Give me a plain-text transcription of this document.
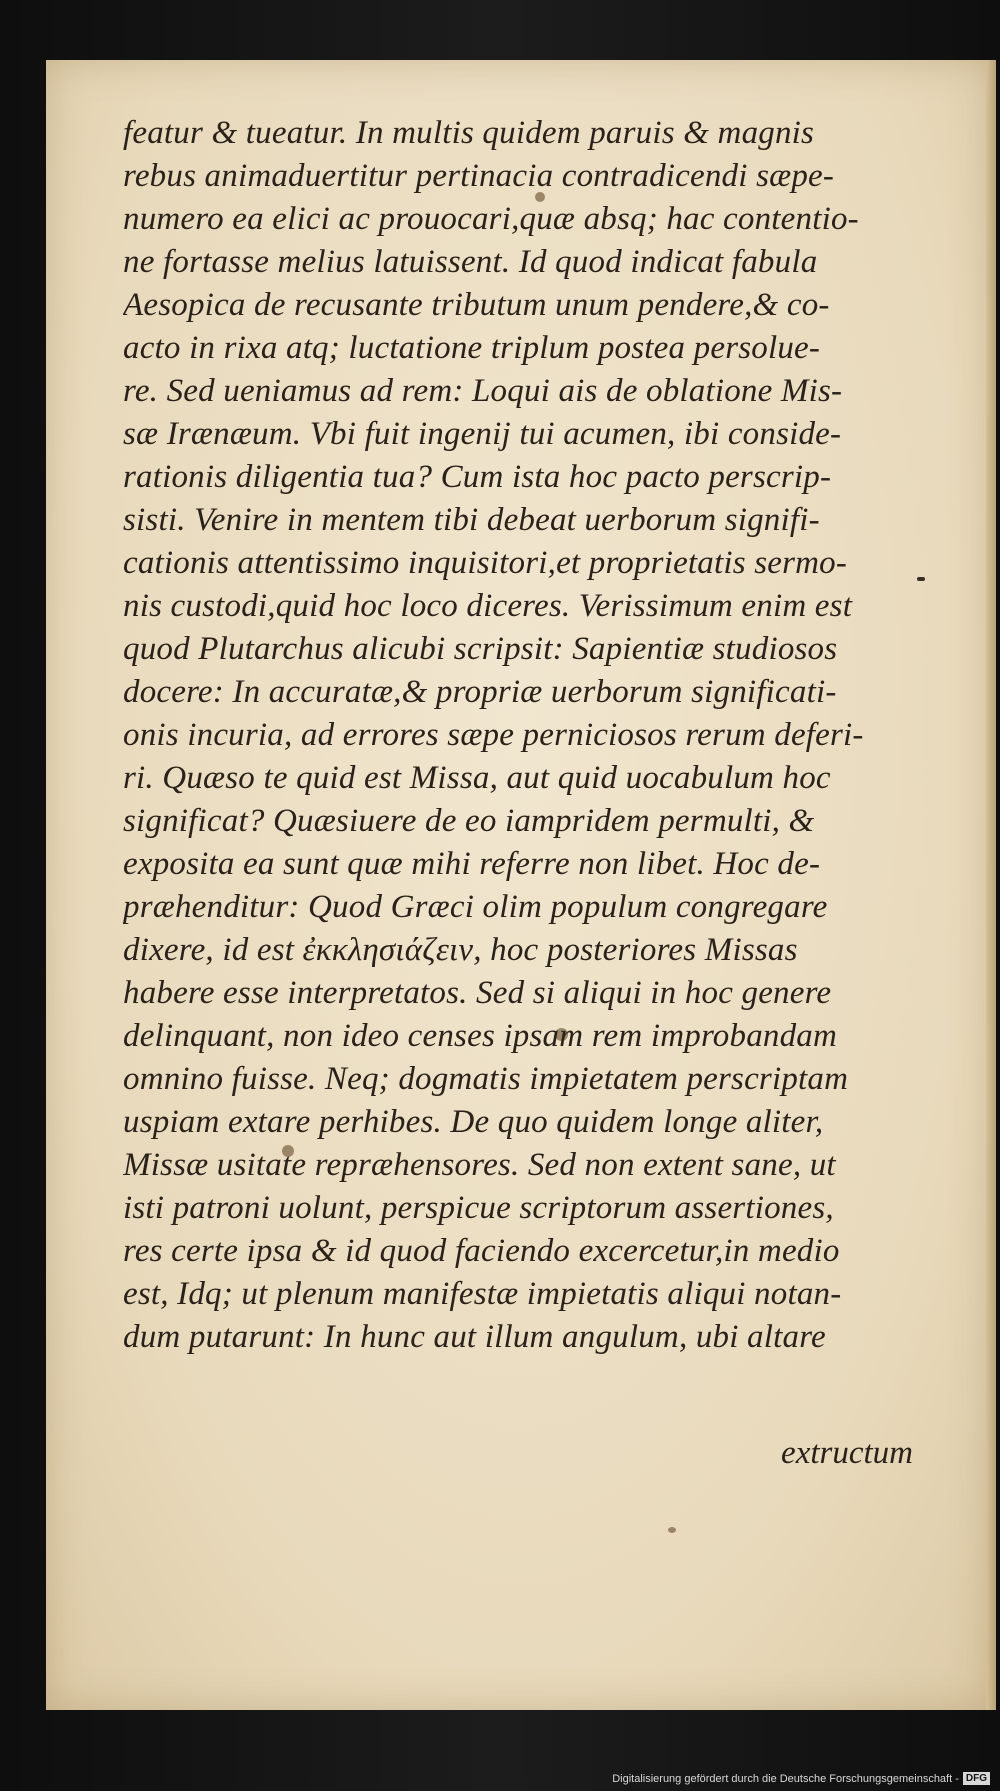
featur & tueatur. In multis quidem paruis & magnis
rebus animaduertitur pertinacia contradicendi sæpe-
numero ea elici ac prouocari,quæ absq; hac contentio-
ne fortasse melius latuissent. Id quod indicat fabula
Aesopica de recusante tributum unum pendere,& co-
acto in rixa atq; luctatione triplum postea persolue-
re. Sed ueniamus ad rem: Loqui ais de oblatione Mis-
sæ Irænæum. Vbi fuit ingenij tui acumen, ibi conside-
rationis diligentia tua? Cum ista hoc pacto perscrip-
sisti. Venire in mentem tibi debeat uerborum signifi-
cationis attentissimo inquisitori,et proprietatis sermo-
nis custodi,quid hoc loco diceres. Verissimum enim est
quod Plutarchus alicubi scripsit: Sapientiæ studiosos
docere: In accuratæ,& propriæ uerborum significati-
onis incuria, ad errores sæpe perniciosos rerum deferi-
ri. Quæso te quid est Missa, aut quid uocabulum hoc
significat? Quæsiuere de eo iampridem permulti, &
exposita ea sunt quæ mihi referre non libet. Hoc de-
præhenditur: Quod Græci olim populum congregare
dixere, id est ἐκκλησιάζειν, hoc posteriores Missas
habere esse interpretatos. Sed si aliqui in hoc genere
delinquant, non ideo censes ipsam rem improbandam
omnino fuisse. Neq; dogmatis impietatem perscriptam
uspiam extare perhibes. De quo quidem longe aliter,
Missæ usitate repræhensores. Sed non extent sane, ut
isti patroni uolunt, perspicue scriptorum assertiones,
res certe ipsa & id quod faciendo excercetur,in medio
est, Idq; ut plenum manifestæ impietatis aliqui notan-
dum putarunt: In hunc aut illum angulum, ubi altare
extructum
Digitalisierung gefördert durch die Deutsche Forschungsgemeinschaft - DFG
